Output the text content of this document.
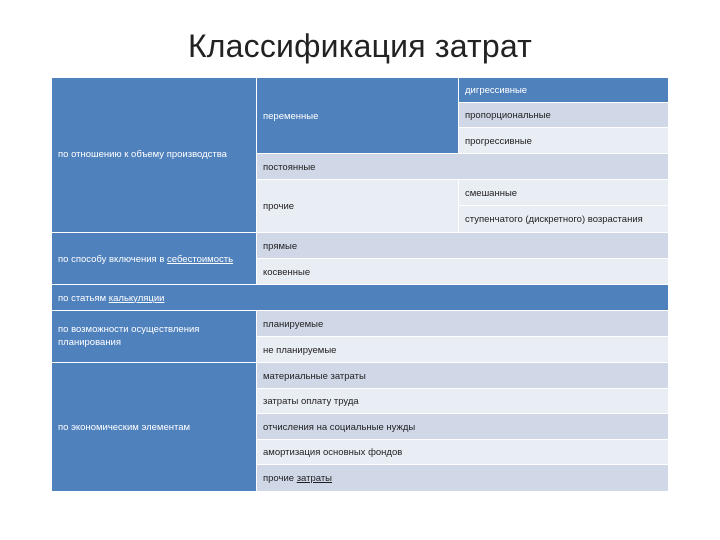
Классификация затрат
по отношению к объему производства
переменные
дигрессивные
пропорциональные
прогрессивные
постоянные
прочие
смешанные
ступенчатого (дискретного) возрастания
по способу включения в себестоимость
прямые
косвенные
по статьям калькуляции
по возможности осуществления планирования
планируемые
не планируемые
по экономическим элементам
материальные затраты
затраты оплату труда
отчисления на социальные нужды
амортизация основных фондов
прочие затраты
